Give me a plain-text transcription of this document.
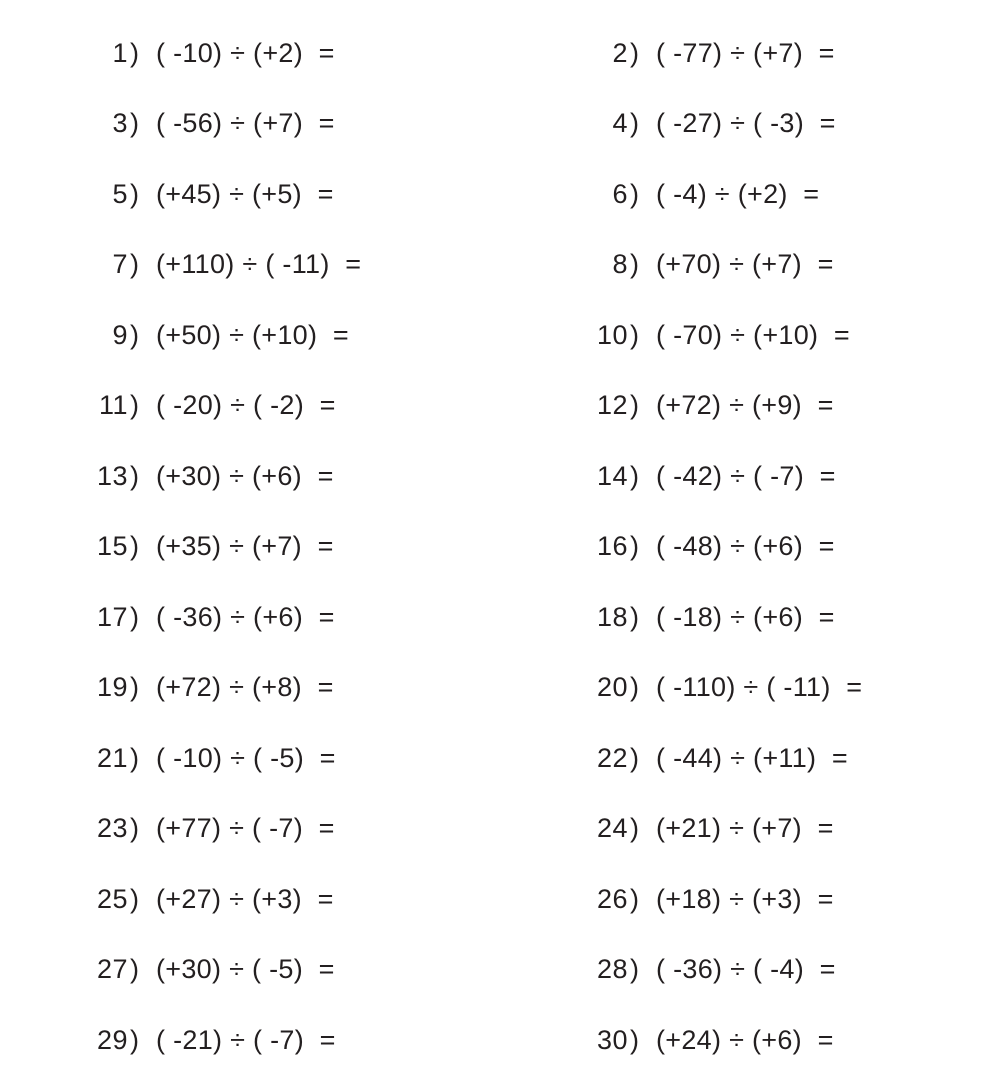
1 ) ( -10) ÷ (+2)  =	2 ) ( -77) ÷ (+7)  =
3 ) ( -56) ÷ (+7)  =	4 ) ( -27) ÷ ( -3)  =
5 ) (+45) ÷ (+5)  =	6 ) ( -4) ÷ (+2)  =
7 ) (+110) ÷ ( -11)  =	8 ) (+70) ÷ (+7)  =
9 ) (+50) ÷ (+10)  =	10 ) ( -70) ÷ (+10)  =
11 ) ( -20) ÷ ( -2)  =	12 ) (+72) ÷ (+9)  =
13 ) (+30) ÷ (+6)  =	14 ) ( -42) ÷ ( -7)  =
15 ) (+35) ÷ (+7)  =	16 ) ( -48) ÷ (+6)  =
17 ) ( -36) ÷ (+6)  =	18 ) ( -18) ÷ (+6)  =
19 ) (+72) ÷ (+8)  =	20 ) ( -110) ÷ ( -11)  =
21 ) ( -10) ÷ ( -5)  =	22 ) ( -44) ÷ (+11)  =
23 ) (+77) ÷ ( -7)  =	24 ) (+21) ÷ (+7)  =
25 ) (+27) ÷ (+3)  =	26 ) (+18) ÷ (+3)  =
27 ) (+30) ÷ ( -5)  =	28 ) ( -36) ÷ ( -4)  =
29 ) ( -21) ÷ ( -7)  =	30 ) (+24) ÷ (+6)  =
